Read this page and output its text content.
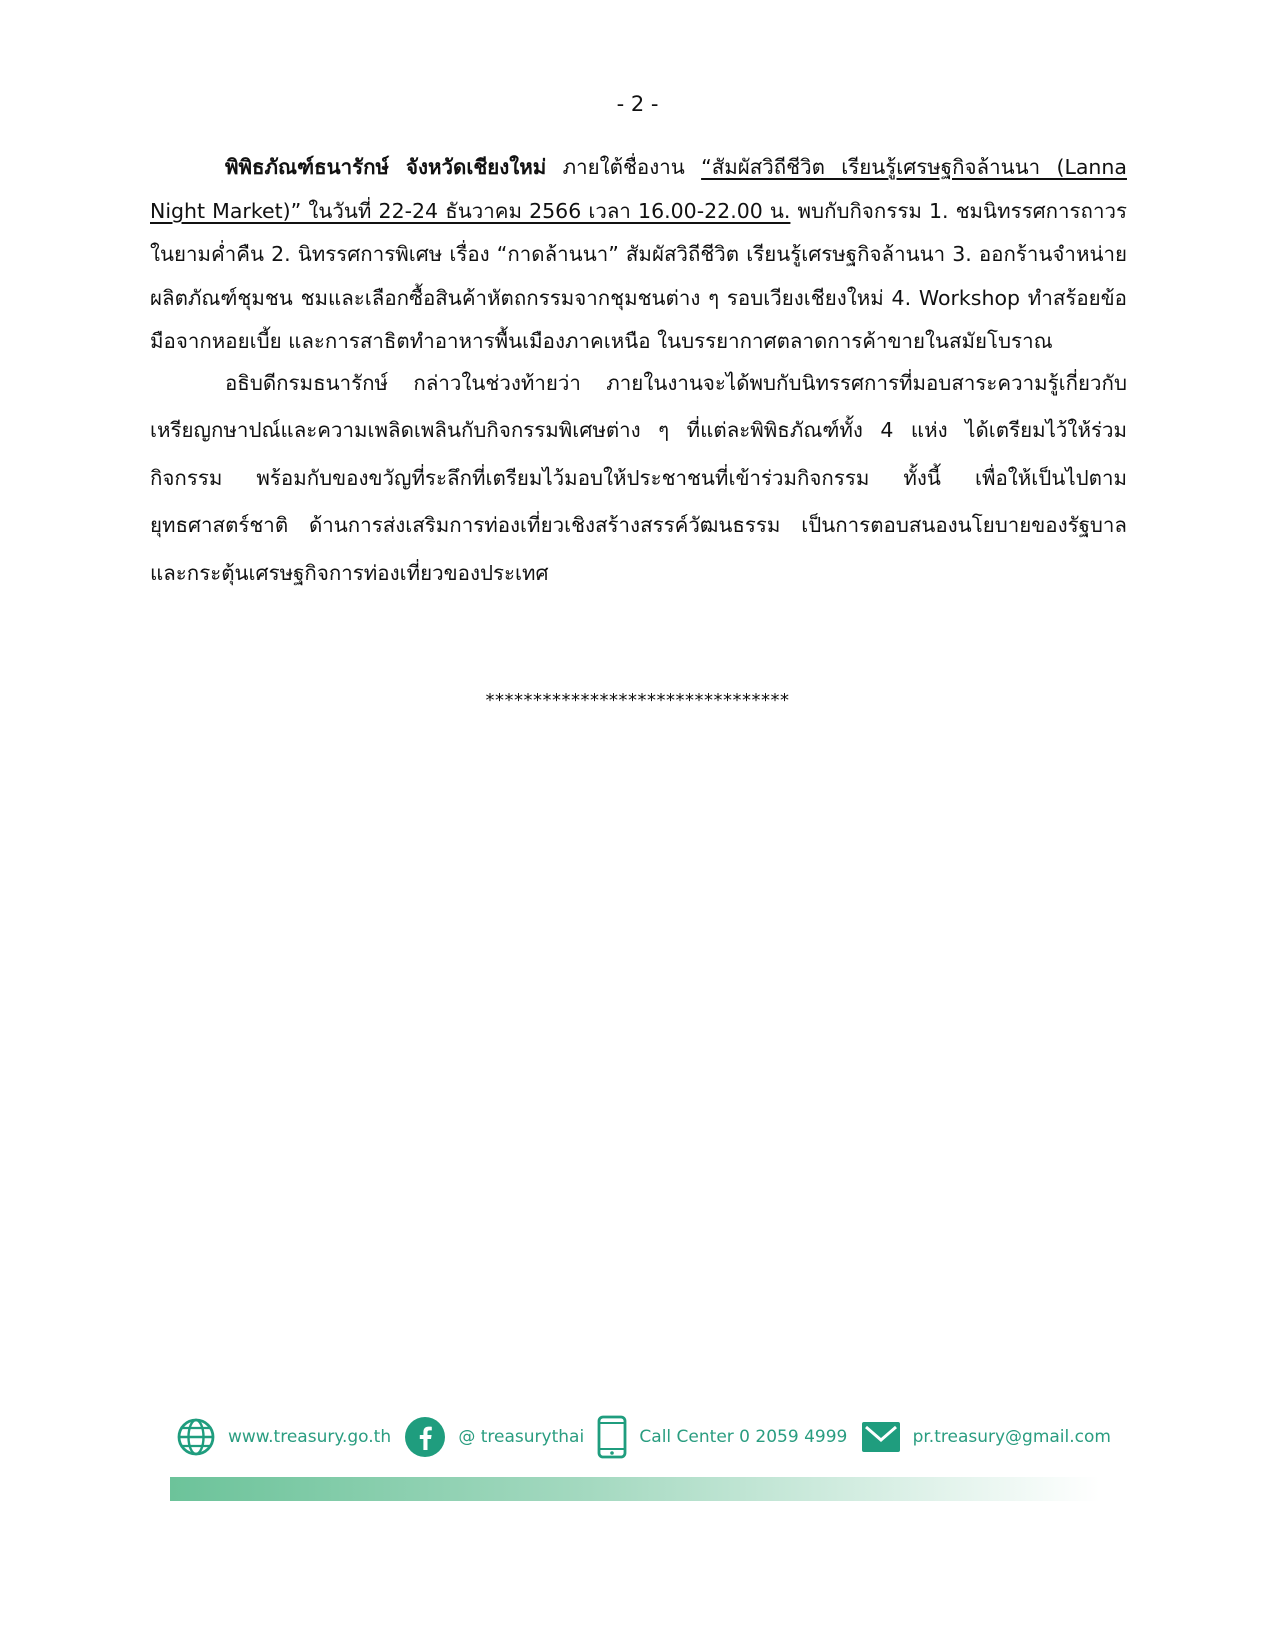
- 2 -

พิพิธภัณฑ์ธนารักษ์ จังหวัดเชียงใหม่ ภายใต้ชื่องาน “สัมผัสวิถีชีวิต เรียนรู้เศรษฐกิจล้านนา (Lanna Night Market)” ในวันที่ 22-24 ธันวาคม 2566 เวลา 16.00-22.00 น. พบกับกิจกรรม 1. ชมนิทรรศการถาวรในยามค่ำคืน 2. นิทรรศการพิเศษ เรื่อง “กาดล้านนา” สัมผัสวิถีชีวิต เรียนรู้เศรษฐกิจล้านนา 3. ออกร้านจำหน่ายผลิตภัณฑ์ชุมชน ชมและเลือกซื้อสินค้าหัตถกรรมจากชุมชนต่าง ๆ รอบเวียงเชียงใหม่ 4. Workshop ทำสร้อยข้อมือจากหอยเบี้ย และการสาธิตทำอาหารพื้นเมืองภาคเหนือ ในบรรยากาศตลาดการค้าขายในสมัยโบราณ

อธิบดีกรมธนารักษ์ กล่าวในช่วงท้ายว่า ภายในงานจะได้พบกับนิทรรศการที่มอบสาระความรู้เกี่ยวกับเหรียญกษาปณ์และความเพลิดเพลินกับกิจกรรมพิเศษต่าง ๆ ที่แต่ละพิพิธภัณฑ์ทั้ง 4 แห่ง ได้เตรียมไว้ให้ร่วมกิจกรรม พร้อมกับของขวัญที่ระลึกที่เตรียมไว้มอบให้ประชาชนที่เข้าร่วมกิจกรรม ทั้งนี้ เพื่อให้เป็นไปตามยุทธศาสตร์ชาติ ด้านการส่งเสริมการท่องเที่ยวเชิงสร้างสรรค์วัฒนธรรม เป็นการตอบสนองนโยบายของรัฐบาลและกระตุ้นเศรษฐกิจการท่องเที่ยวของประเทศ

********************************
www.treasury.go.th	@ treasurythai	Call Center 0 2059 4999	pr.treasury@gmail.com
